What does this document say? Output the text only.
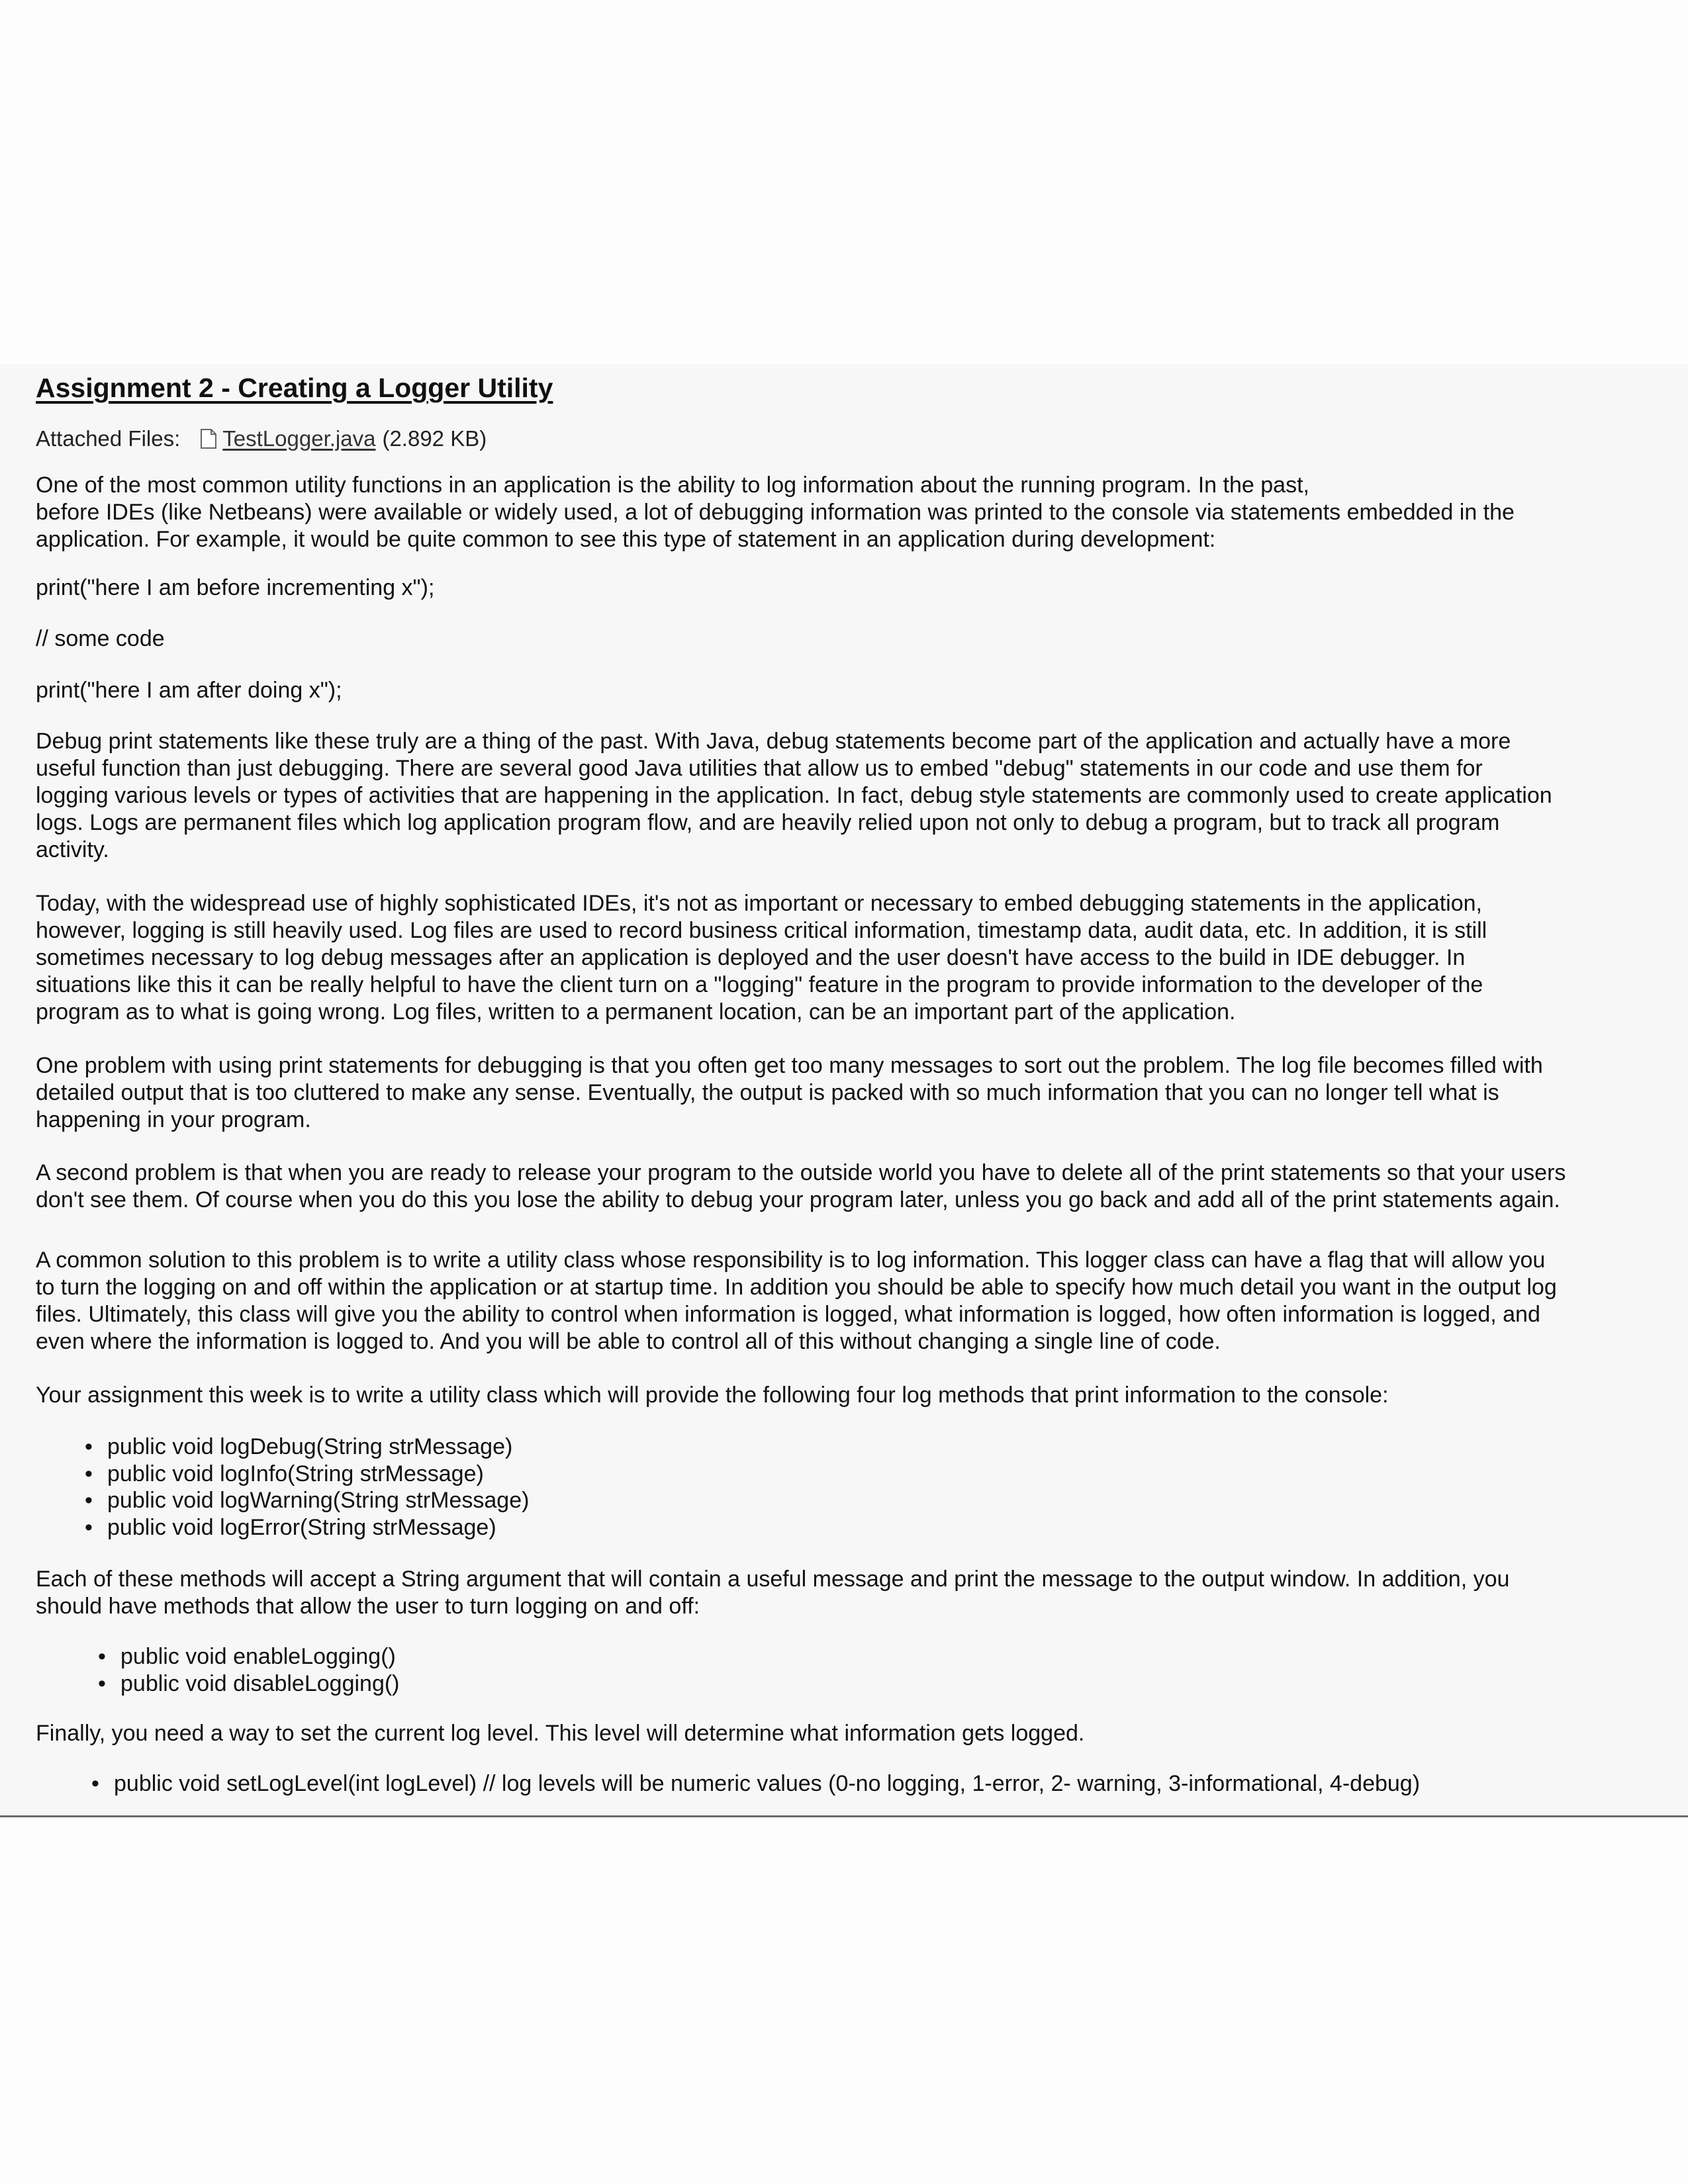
Assignment 2 - Creating a Logger Utility
Attached Files: TestLogger.java (2.892 KB)
One of the most common utility functions in an application is the ability to log information about the running program. In the past,
before IDEs (like Netbeans) were available or widely used, a lot of debugging information was printed to the console via statements embedded in the
application. For example, it would be quite common to see this type of statement in an application during development:
print("here I am before incrementing x");
// some code
print("here I am after doing x");
Debug print statements like these truly are a thing of the past. With Java, debug statements become part of the application and actually have a more
useful function than just debugging. There are several good Java utilities that allow us to embed "debug" statements in our code and use them for
logging various levels or types of activities that are happening in the application. In fact, debug style statements are commonly used to create application
logs. Logs are permanent files which log application program flow, and are heavily relied upon not only to debug a program, but to track all program
activity.
Today, with the widespread use of highly sophisticated IDEs, it's not as important or necessary to embed debugging statements in the application,
however, logging is still heavily used. Log files are used to record business critical information, timestamp data, audit data, etc. In addition, it is still
sometimes necessary to log debug messages after an application is deployed and the user doesn't have access to the build in IDE debugger. In
situations like this it can be really helpful to have the client turn on a "logging" feature in the program to provide information to the developer of the
program as to what is going wrong. Log files, written to a permanent location, can be an important part of the application.
One problem with using print statements for debugging is that you often get too many messages to sort out the problem. The log file becomes filled with
detailed output that is too cluttered to make any sense. Eventually, the output is packed with so much information that you can no longer tell what is
happening in your program.
A second problem is that when you are ready to release your program to the outside world you have to delete all of the print statements so that your users
don't see them. Of course when you do this you lose the ability to debug your program later, unless you go back and add all of the print statements again.
A common solution to this problem is to write a utility class whose responsibility is to log information. This logger class can have a flag that will allow you
to turn the logging on and off within the application or at startup time. In addition you should be able to specify how much detail you want in the output log
files. Ultimately, this class will give you the ability to control when information is logged, what information is logged, how often information is logged, and
even where the information is logged to. And you will be able to control all of this without changing a single line of code.
Your assignment this week is to write a utility class which will provide the following four log methods that print information to the console:
• public void logDebug(String strMessage)
• public void logInfo(String strMessage)
• public void logWarning(String strMessage)
• public void logError(String strMessage)
Each of these methods will accept a String argument that will contain a useful message and print the message to the output window. In addition, you
should have methods that allow the user to turn logging on and off:
• public void enableLogging()
• public void disableLogging()
Finally, you need a way to set the current log level. This level will determine what information gets logged.
• public void setLogLevel(int logLevel) // log levels will be numeric values (0-no logging, 1-error, 2- warning, 3-informational, 4-debug)
